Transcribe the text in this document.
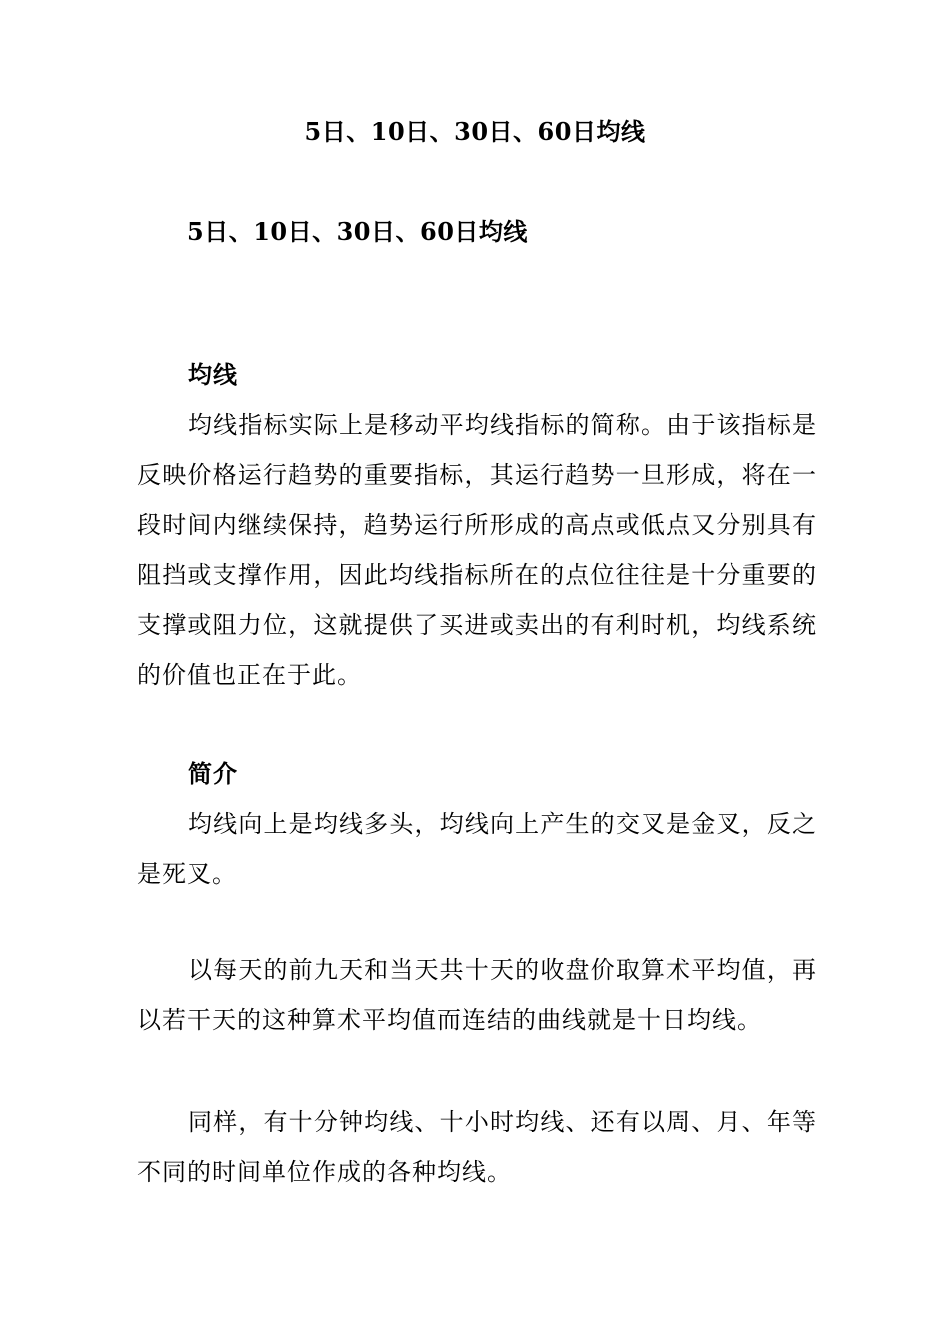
5日、10日、30日、60日均线
5日、10日、30日、60日均线
均线

均线指标实际上是移动平均线指标的简称。由于该指标是反映价格运行趋势的重要指标，其运行趋势一旦形成，将在一段时间内继续保持，趋势运行所形成的高点或低点又分别具有阻挡或支撑作用，因此均线指标所在的点位往往是十分重要的支撑或阻力位，这就提供了买进或卖出的有利时机，均线系统的价值也正在于此。

简介

均线向上是均线多头，均线向上产生的交叉是金叉，反之是死叉。

以每天的前九天和当天共十天的收盘价取算术平均值，再以若干天的这种算术平均值而连结的曲线就是十日均线。

同样，有十分钟均线、十小时均线、还有以周、月、年等不同的时间单位作成的各种均线。
